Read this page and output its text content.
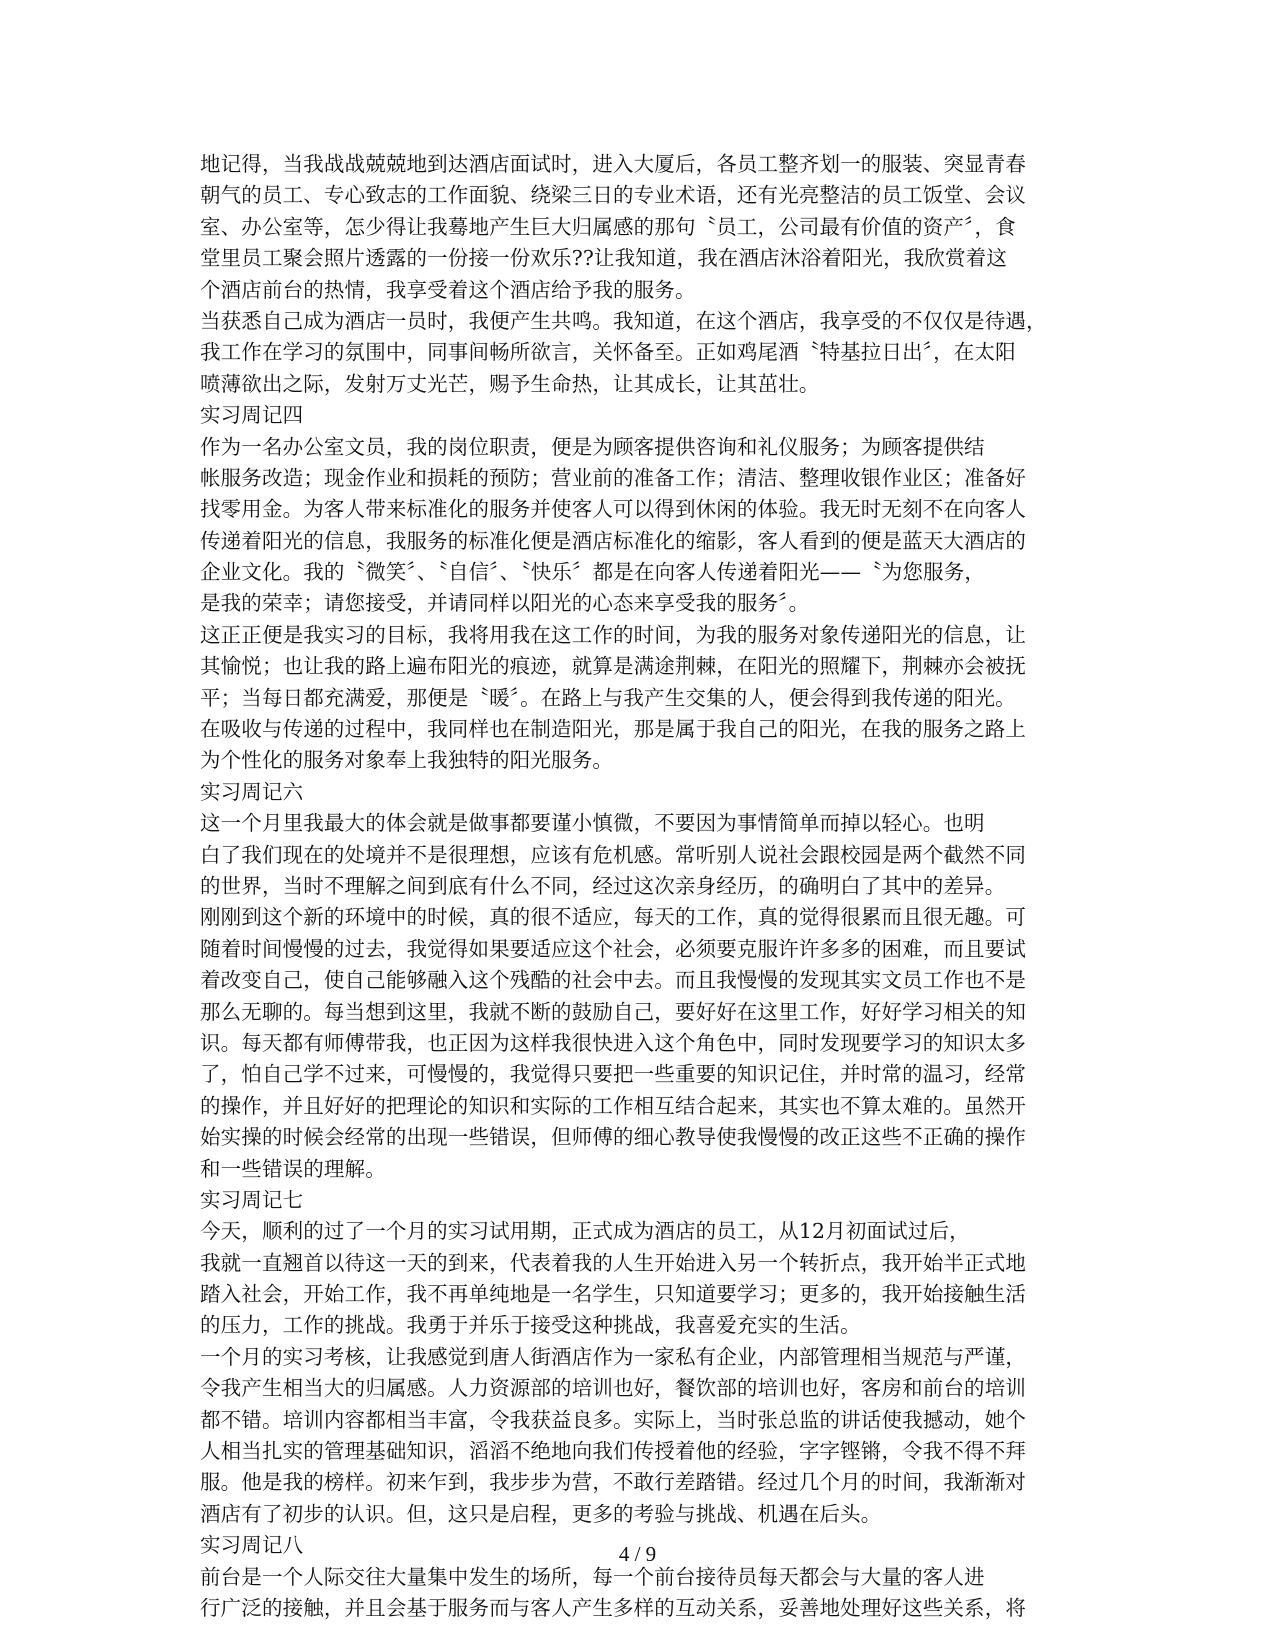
地记得，当我战战兢兢地到达酒店面试时，进入大厦后，各员工整齐划一的服装、突显青春
朝气的员工、专心致志的工作面貌、绕梁三日的专业术语，还有光亮整洁的员工饭堂、会议
室、办公室等，怎少得让我蓦地产生巨大归属感的那句〝员工，公司最有价值的资产〞，食
堂里员工聚会照片透露的一份接一份欢乐??让我知道，我在酒店沐浴着阳光，我欣赏着这
个酒店前台的热情，我享受着这个酒店给予我的服务。
当获悉自己成为酒店一员时，我便产生共鸣。我知道，在这个酒店，我享受的不仅仅是待遇，
我工作在学习的氛围中，同事间畅所欲言，关怀备至。正如鸡尾酒〝特基拉日出〞，在太阳
喷薄欲出之际，发射万丈光芒，赐予生命热，让其成长，让其茁壮。
实习周记四
作为一名办公室文员，我的岗位职责，便是为顾客提供咨询和礼仪服务；为顾客提供结
帐服务改造；现金作业和损耗的预防；营业前的准备工作；清洁、整理收银作业区；准备好
找零用金。为客人带来标准化的服务并使客人可以得到休闲的体验。我无时无刻不在向客人
传递着阳光的信息，我服务的标准化便是酒店标准化的缩影，客人看到的便是蓝天大酒店的
企业文化。我的〝微笑〞、〝自信〞、〝快乐〞都是在向客人传递着阳光——〝为您服务，
是我的荣幸；请您接受，并请同样以阳光的心态来享受我的服务〞。
这正正便是我实习的目标，我将用我在这工作的时间，为我的服务对象传递阳光的信息，让
其愉悦；也让我的路上遍布阳光的痕迹，就算是满途荆棘，在阳光的照耀下，荆棘亦会被抚
平；当每日都充满爱，那便是〝暖〞。在路上与我产生交集的人，便会得到我传递的阳光。
在吸收与传递的过程中，我同样也在制造阳光，那是属于我自己的阳光，在我的服务之路上
为个性化的服务对象奉上我独特的阳光服务。
实习周记六
这一个月里我最大的体会就是做事都要谨小慎微，不要因为事情简单而掉以轻心。也明
白了我们现在的处境并不是很理想，应该有危机感。常听别人说社会跟校园是两个截然不同
的世界，当时不理解之间到底有什么不同，经过这次亲身经历，的确明白了其中的差异。
刚刚到这个新的环境中的时候，真的很不适应，每天的工作，真的觉得很累而且很无趣。可
随着时间慢慢的过去，我觉得如果要适应这个社会，必须要克服许许多多的困难，而且要试
着改变自己，使自己能够融入这个残酷的社会中去。而且我慢慢的发现其实文员工作也不是
那么无聊的。每当想到这里，我就不断的鼓励自己，要好好在这里工作，好好学习相关的知
识。每天都有师傅带我，也正因为这样我很快进入这个角色中，同时发现要学习的知识太多
了，怕自己学不过来，可慢慢的，我觉得只要把一些重要的知识记住，并时常的温习，经常
的操作，并且好好的把理论的知识和实际的工作相互结合起来，其实也不算太难的。虽然开
始实操的时候会经常的出现一些错误，但师傅的细心教导使我慢慢的改正这些不正确的操作
和一些错误的理解。
实习周记七
今天，顺利的过了一个月的实习试用期，正式成为酒店的员工，从12月初面试过后，
我就一直翘首以待这一天的到来，代表着我的人生开始进入另一个转折点，我开始半正式地
踏入社会，开始工作，我不再单纯地是一名学生，只知道要学习；更多的，我开始接触生活
的压力，工作的挑战。我勇于并乐于接受这种挑战，我喜爱充实的生活。
一个月的实习考核，让我感觉到唐人街酒店作为一家私有企业，内部管理相当规范与严谨，
令我产生相当大的归属感。人力资源部的培训也好，餐饮部的培训也好，客房和前台的培训
都不错。培训内容都相当丰富，令我获益良多。实际上，当时张总监的讲话使我撼动，她个
人相当扎实的管理基础知识，滔滔不绝地向我们传授着他的经验，字字铿锵，令我不得不拜
服。他是我的榜样。初来乍到，我步步为营，不敢行差踏错。经过几个月的时间，我渐渐对
酒店有了初步的认识。但，这只是启程，更多的考验与挑战、机遇在后头。
实习周记八
前台是一个人际交往大量集中发生的场所，每一个前台接待员每天都会与大量的客人进
行广泛的接触，并且会基于服务而与客人产生多样的互动关系，妥善地处理好这些关系，将
4 / 9
